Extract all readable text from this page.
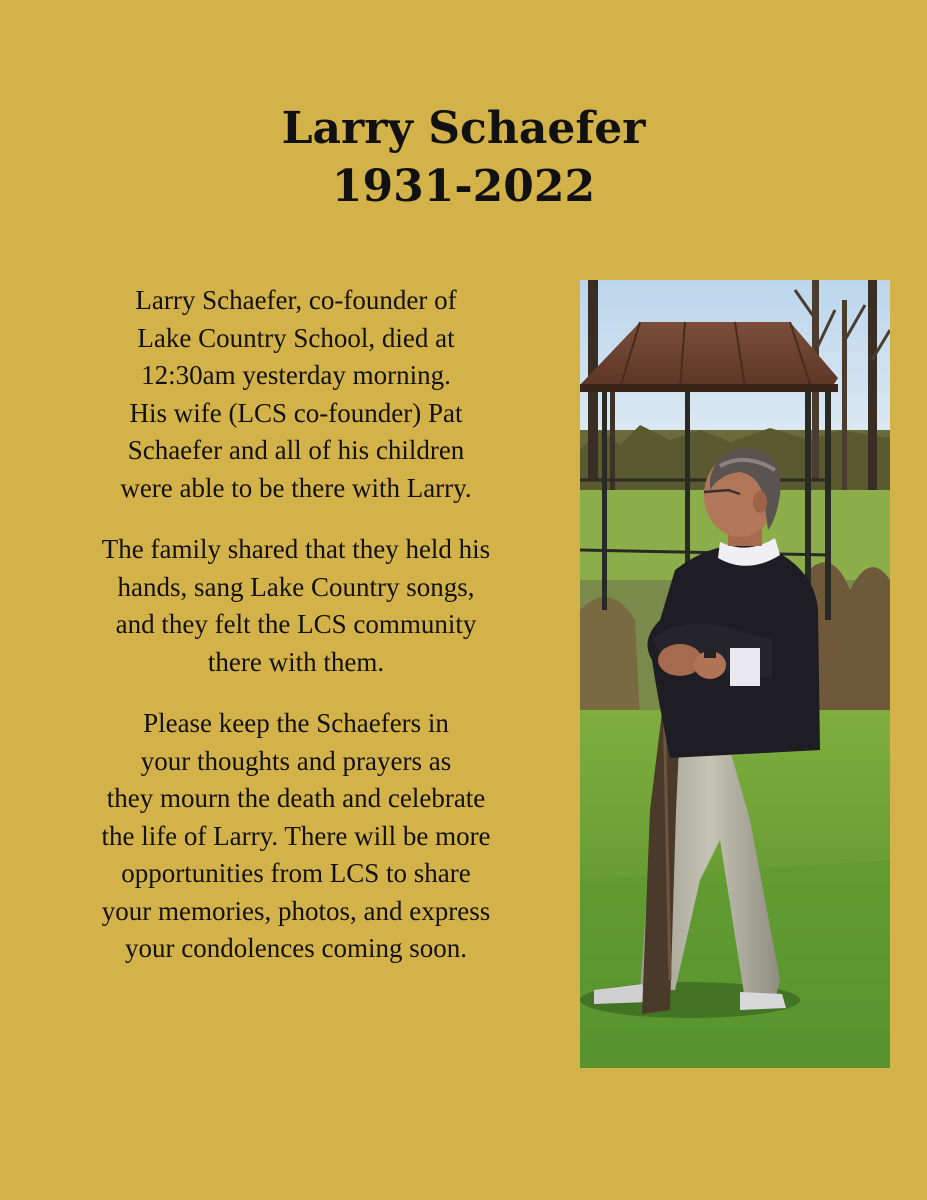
Larry Schaefer
1931-2022
Larry Schaefer, co-founder of
Lake Country School, died at
12:30am yesterday morning.
His wife (LCS co-founder) Pat
Schaefer and all of his children
were able to be there with Larry.
The family shared that they held his
hands, sang Lake Country songs,
and they felt the LCS community
there with them.
Please keep the Schaefers in
your thoughts and prayers as
they mourn the death and celebrate
the life of Larry. There will be more
opportunities from LCS to share
your memories, photos, and express
your condolences coming soon.
